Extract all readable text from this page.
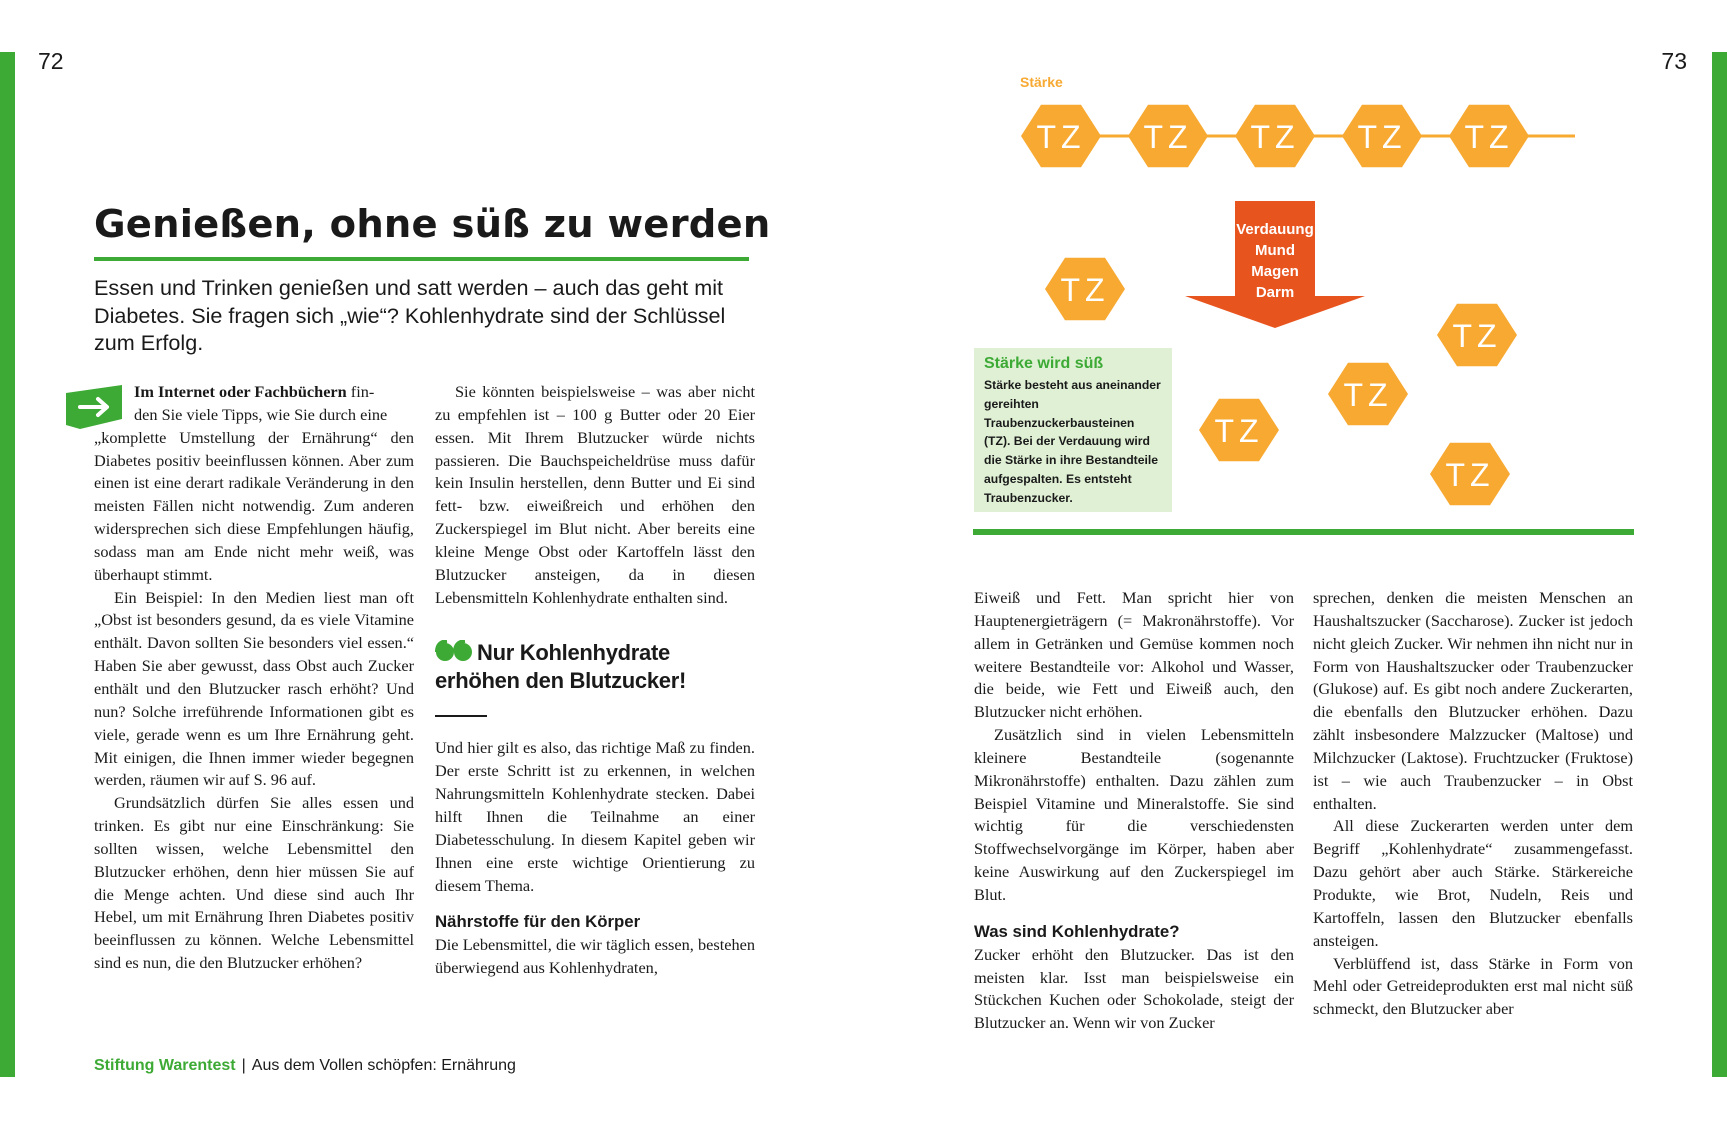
72	73
Genießen, ohne süß zu werden

Essen und Trinken genießen und satt werden – auch das geht mit Diabetes. Sie fragen sich „wie“? Kohlenhydrate sind der Schlüssel zum Erfolg.

Im Internet oder Fachbüchern fin-
den Sie viele Tipps, wie Sie durch eine
„komplette Umstellung der Ernährung“ den Diabetes positiv beeinflussen können. Aber zum einen ist eine derart radikale Veränderung in den meisten Fällen nicht notwendig. Zum anderen widersprechen sich diese Empfehlungen häufig, sodass man am Ende nicht mehr weiß, was überhaupt stimmt.

Ein Beispiel: In den Medien liest man oft „Obst ist besonders gesund, da es viele Vitamine enthält. Davon sollten Sie besonders viel essen.“ Haben Sie aber gewusst, dass Obst auch Zucker enthält und den Blutzucker rasch erhöht? Und nun? Solche irreführende Informationen gibt es viele, gerade wenn es um Ihre Ernährung geht. Mit einigen, die Ihnen immer wieder begegnen werden, räumen wir auf S. 96 auf.

Grundsätzlich dürfen Sie alles essen und trinken. Es gibt nur eine Einschränkung: Sie sollten wissen, welche Lebensmittel den Blutzucker erhöhen, denn hier müssen Sie auf die Menge achten. Und diese sind auch Ihr Hebel, um mit Ernährung Ihren Diabetes positiv beeinflussen zu können. Welche Lebensmittel sind es nun, die den Blutzucker erhöhen?

Sie könnten beispielsweise – was aber nicht zu empfehlen ist – 100 g Butter oder 20 Eier essen. Mit Ihrem Blutzucker würde nichts passieren. Die Bauchspeicheldrüse muss dafür kein Insulin herstellen, denn Butter und Ei sind fett- bzw. eiweißreich und erhöhen den Zuckerspiegel im Blut nicht. Aber bereits eine kleine Menge Obst oder Kartoffeln lässt den Blutzucker ansteigen, da in diesen Lebensmitteln Kohlenhydrate enthalten sind.

Nur Kohlenhydrate
erhöhen den Blutzucker!

Und hier gilt es also, das richtige Maß zu finden. Der erste Schritt ist zu erkennen, in welchen Nahrungsmitteln Kohlenhydrate stecken. Dabei hilft Ihnen die Teilnahme an einer Diabetesschulung. In diesem Kapitel geben wir Ihnen eine erste wichtige Orientierung zu diesem Thema.

Nährstoffe für den Körper

Die Lebensmittel, die wir täglich essen, bestehen überwiegend aus Kohlenhydraten,

Stiftung Warentest | Aus dem Vollen schöpfen: Ernährung
Stärke
TZ TZ TZ TZ TZ
TZ
TZ
TZ
TZ
TZ
Verdauung
Mund
Magen
Darm
Stärke wird süß
Stärke besteht aus aneinander gereihten Traubenzuckerbausteinen (TZ). Bei der Verdauung wird die Stärke in ihre Bestandteile aufgespalten. Es entsteht Traubenzucker.

Eiweiß und Fett. Man spricht hier von Hauptenergieträgern (= Makronährstoffe). Vor allem in Getränken und Gemüse kommen noch weitere Bestandteile vor: Alkohol und Wasser, die beide, wie Fett und Eiweiß auch, den Blutzucker nicht erhöhen.

Zusätzlich sind in vielen Lebensmitteln kleinere Bestandteile (sogenannte Mikronährstoffe) enthalten. Dazu zählen zum Beispiel Vitamine und Mineralstoffe. Sie sind wichtig für die verschiedensten Stoffwechselvorgänge im Körper, haben aber keine Auswirkung auf den Zuckerspiegel im Blut.

Was sind Kohlenhydrate?

Zucker erhöht den Blutzucker. Das ist den meisten klar. Isst man beispielsweise ein Stückchen Kuchen oder Schokolade, steigt der Blutzucker an. Wenn wir von Zucker

sprechen, denken die meisten Menschen an Haushaltszucker (Saccharose). Zucker ist jedoch nicht gleich Zucker. Wir nehmen ihn nicht nur in Form von Haushaltszucker oder Traubenzucker (Glukose) auf. Es gibt noch andere Zuckerarten, die ebenfalls den Blutzucker erhöhen. Dazu zählt insbesondere Malzzucker (Maltose) und Milchzucker (Laktose). Fruchtzucker (Fruktose) ist – wie auch Traubenzucker – in Obst enthalten.

All diese Zuckerarten werden unter dem Begriff „Kohlenhydrate“ zusammengefasst. Dazu gehört aber auch Stärke. Stärkereiche Produkte, wie Brot, Nudeln, Reis und Kartoffeln, lassen den Blutzucker ebenfalls ansteigen.

Verblüffend ist, dass Stärke in Form von Mehl oder Getreideprodukten erst mal nicht süß schmeckt, den Blutzucker aber
